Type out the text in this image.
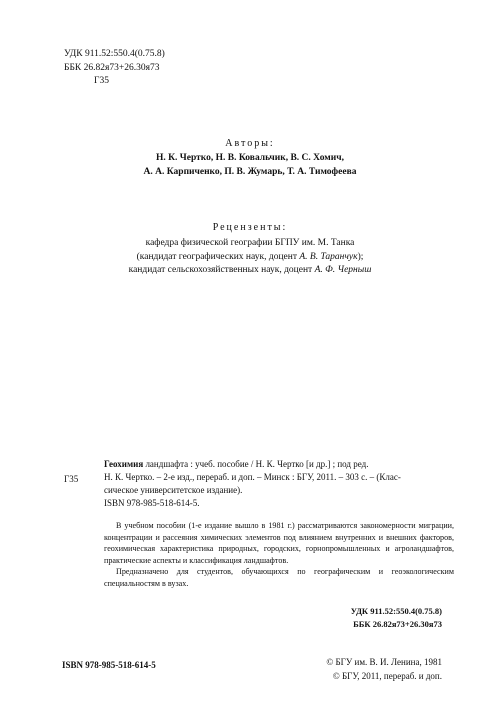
УДК 911.52:550.4(0.75.8)
ББК 26.82я73+26.30я73
Г35
Авторы:
Н. К. Чертко, Н. В. Ковальчик, В. С. Хомич,
А. А. Карпиченко, П. В. Жумарь, Т. А. Тимофеева
Рецензенты:
кафедра физической географии БГПУ им. М. Танка
(кандидат географических наук, доцент А. В. Таранчук);
кандидат сельскохозяйственных наук, доцент А. Ф. Черныш
Г35
Геохимия ландшафта : учеб. пособие / Н. К. Чертко [и др.] ; под ред.
Н. К. Чертко. – 2-е изд., перераб. и доп. – Минск : БГУ, 2011. – 303 с. – (Клас-
сическое университетское издание).
ISBN 978-985-518-614-5.

В учебном пособии (1-е издание вышло в 1981 г.) рассматриваются закономерности миграции, концентрации и рассеяния химических элементов под влиянием внутренних и внешних факторов, геохимическая характеристика природных, городских, горнопромышленных и агроландшафтов, практические аспекты и классификация ландшафтов.

Предназначено для студентов, обучающихся по географическим и геоэкологическим специальностям в вузах.

УДК 911.52:550.4(0.75.8)
ББК 26.82я73+26.30я73
ISBN 978-985-518-614-5	© БГУ им. В. И. Ленина, 1981
© БГУ, 2011, перераб. и доп.
